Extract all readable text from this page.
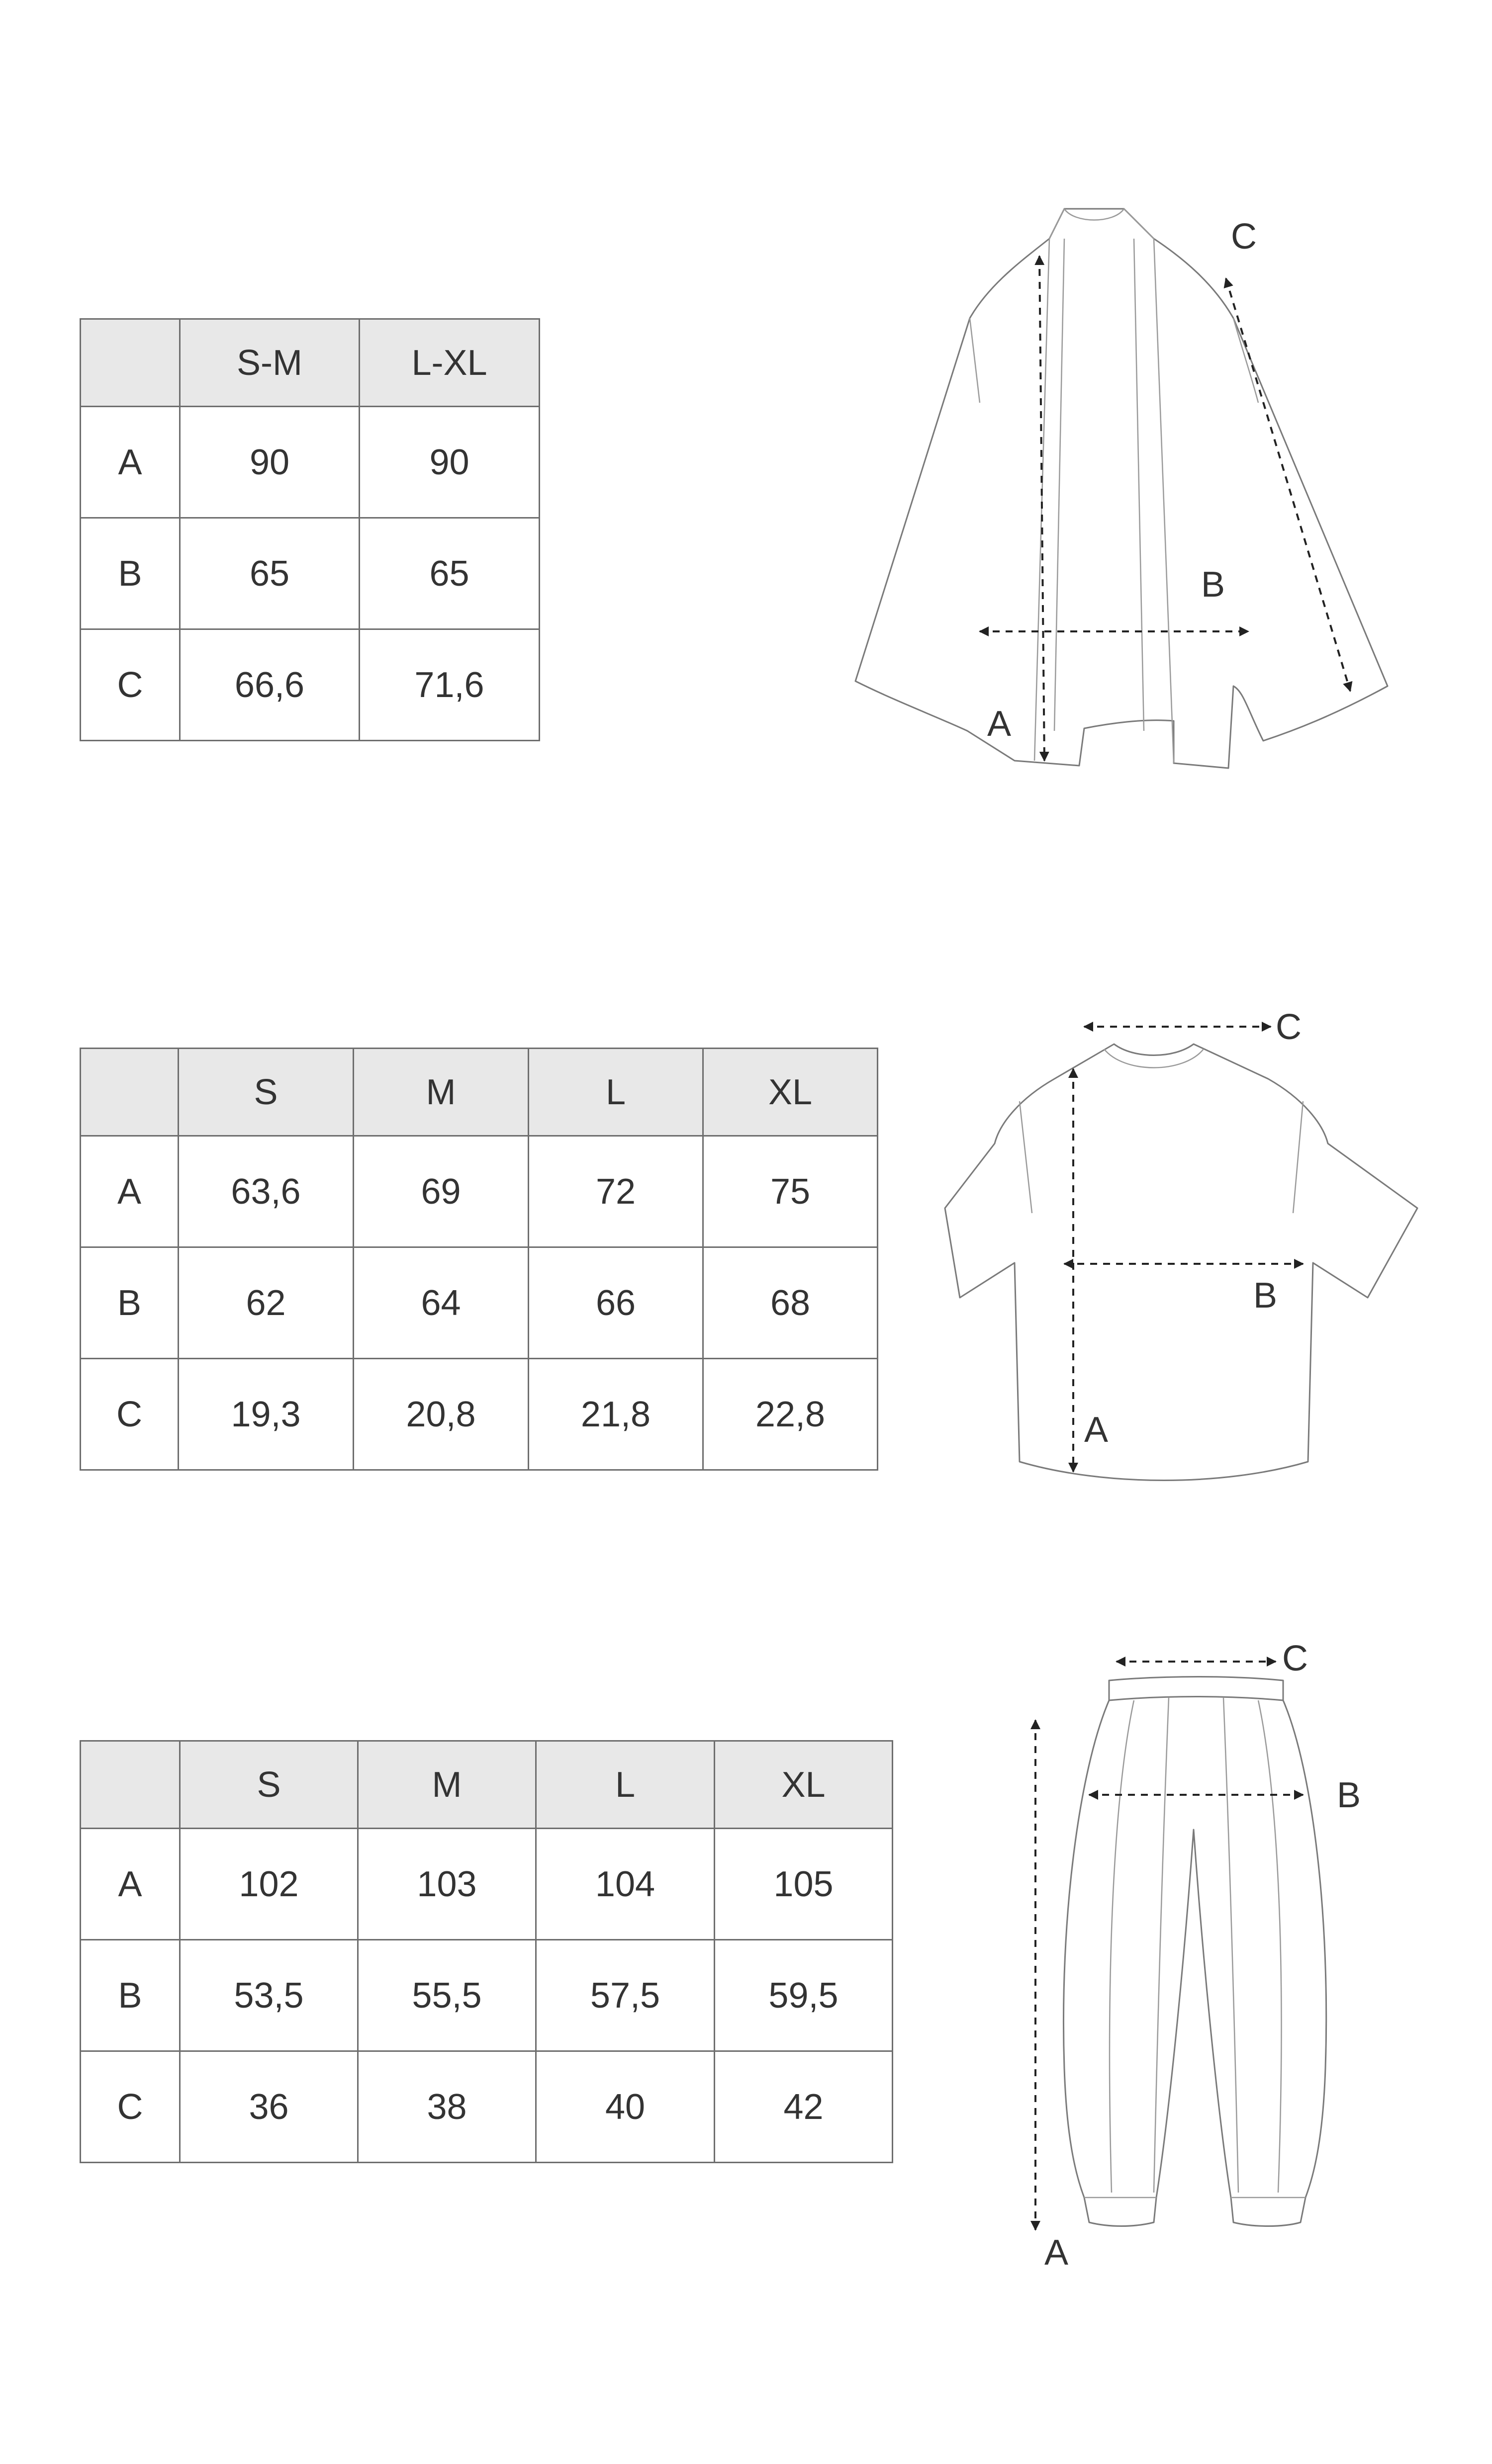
	S-M	L-XL
A	90	90
B	65	65
C	66,6	71,6
A
B
C
	S	M	L	XL
A	63,6	69	72	75
B	62	64	66	68
C	19,3	20,8	21,8	22,8	A
B
C
	S	M	L	XL
A	102	103	104	105
B	53,5	55,5	57,5	59,5
C	36	38	40	42
A
B
C
